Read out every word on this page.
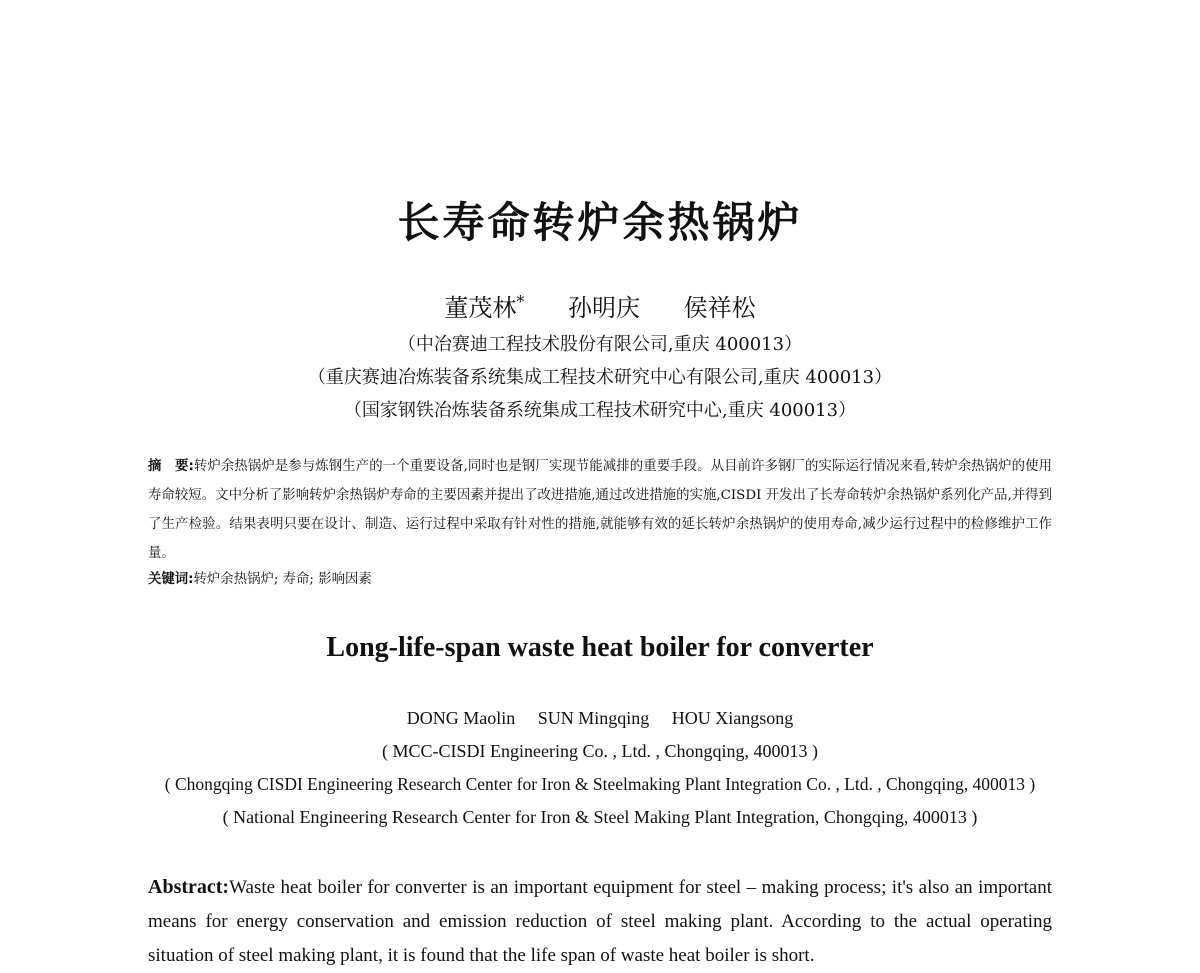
长寿命转炉余热锅炉
董茂林* 孙明庆 侯祥松
（中冶赛迪工程技术股份有限公司,重庆 400013）
（重庆赛迪冶炼装备系统集成工程技术研究中心有限公司,重庆 400013）
（国家钢铁冶炼装备系统集成工程技术研究中心,重庆 400013）
摘　要:转炉余热锅炉是参与炼钢生产的一个重要设备,同时也是钢厂实现节能减排的重要手段。从目前许多钢厂的实际运行情况来看,转炉余热锅炉的使用寿命较短。文中分析了影响转炉余热锅炉寿命的主要因素并提出了改进措施,通过改进措施的实施,CISDI 开发出了长寿命转炉余热锅炉系列化产品,并得到了生产检验。结果表明只要在设计、制造、运行过程中采取有针对性的措施,就能够有效的延长转炉余热锅炉的使用寿命,减少运行过程中的检修维护工作量。
关键词:转炉余热锅炉; 寿命; 影响因素
Long-life-span waste heat boiler for converter
DONG Maolin SUN Mingqing HOU Xiangsong
( MCC-CISDI Engineering Co. , Ltd. , Chongqing, 400013 )
( Chongqing CISDI Engineering Research Center for Iron & Steelmaking Plant Integration Co. , Ltd. , Chongqing, 400013 )
( National Engineering Research Center for Iron & Steel Making Plant Integration, Chongqing, 400013 )
Abstract:Waste heat boiler for converter is an important equipment for steel – making process; it's also an important means for energy conservation and emission reduction of steel making plant. According to the actual operating situation of steel making plant, it is found that the life span of waste heat boiler is short.
